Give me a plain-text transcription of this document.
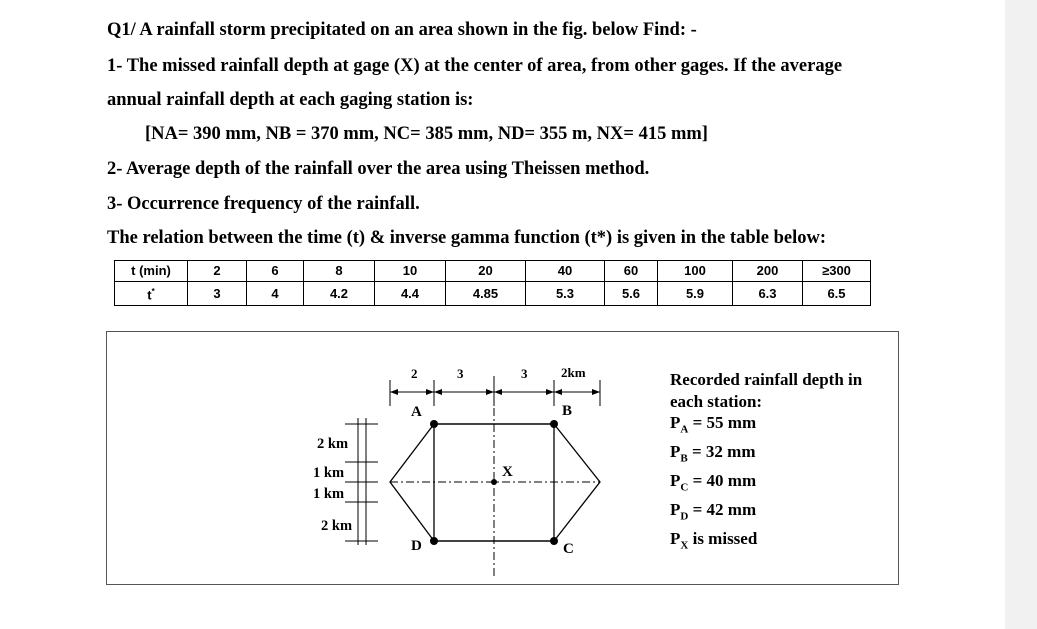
Q1/ A rainfall storm precipitated on an area shown in the fig. below Find: -
1- The missed rainfall depth at gage (X) at the center of area, from other gages. If the average
annual rainfall depth at each gaging station is:
[NA= 390 mm, NB = 370 mm, NC= 385 mm, ND= 355 m, NX= 415 mm]
2- Average depth of the rainfall over the area using Theissen method.
3- Occurrence frequency of the rainfall.
The relation between the time (t) & inverse gamma function (t*) is given in the table below:
t (min)	2	6	8	10	20	40	60	100	200	≥300
t*	3	4	4.2	4.4	4.85	5.3	5.6	5.9	6.3	6.5
2	3	3	2km
A	B
C
D
X
2 km
1 km
1 km
2 km
Recorded rainfall depth in
each station:
$P_A = 55$ mm
$P_B = 32$ mm
$P_C = 40$ mm
$P_D = 42$ mm
$P_X$ is missed
